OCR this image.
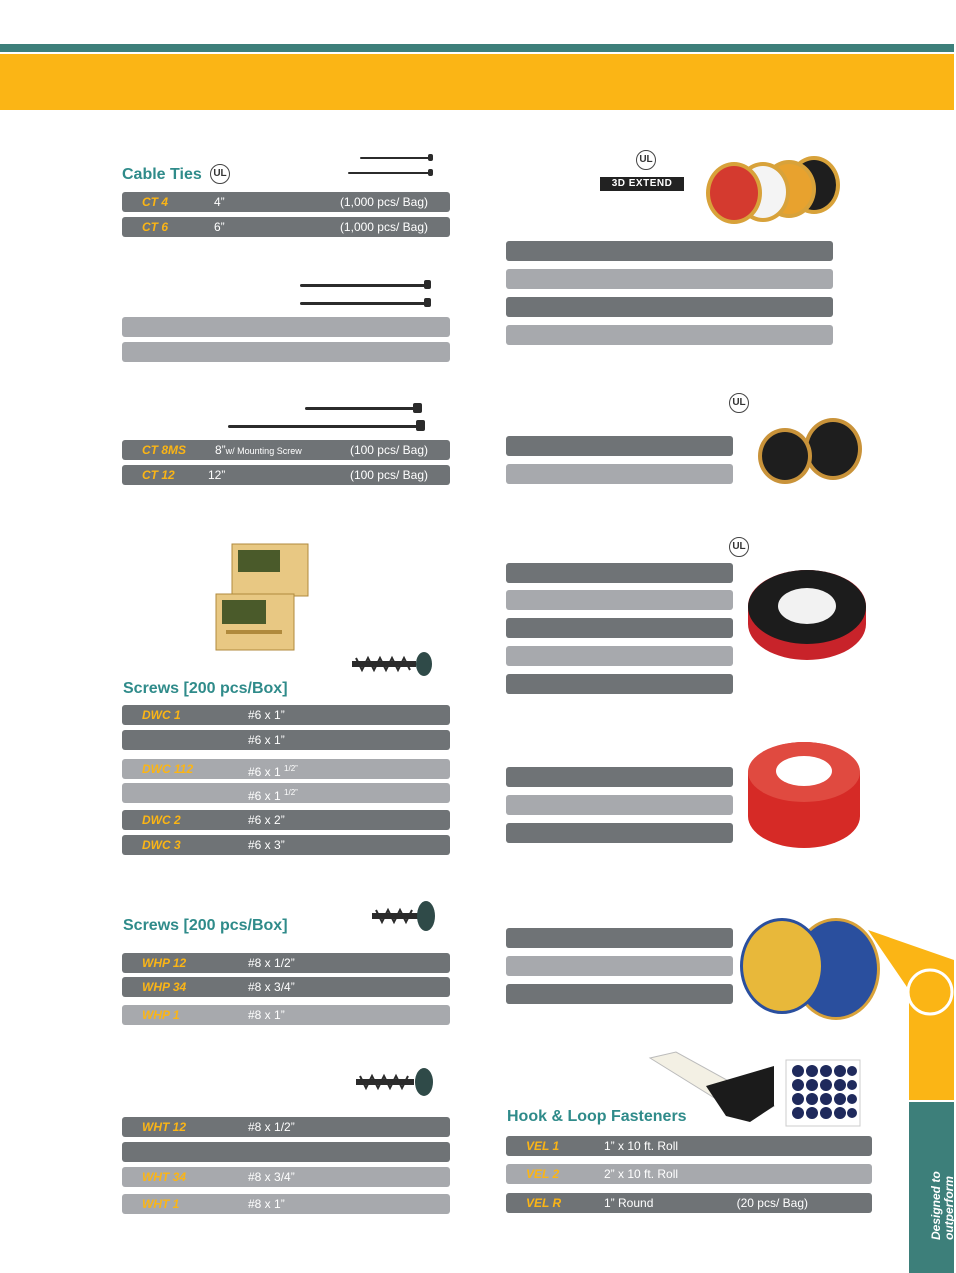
Cable Ties	UL
CT 4	4”	(1,000 pcs/ Bag)
CT 6	6”	(1,000 pcs/ Bag)
CT 8MS 8”w/ Mounting Screw	(100 pcs/ Bag)
CT 12	12”	(100 pcs/ Bag)
Screws [200 pcs/Box]
DWC 1	#6 x 1”
#6 x 1”
DWC 112	#6 x 1 $^{1/2”}$
#6 x 1 $^{1/2”}$
DWC 2	#6 x 2”
DWC 3	#6 x 3”
Screws [200 pcs/Box]
WHP 12	#8 x 1/2”
WHP 34	#8 x 3/4”
WHP 1	#8 x 1”
WHT 12	#8 x 1/2”
WHT 34	#8 x 3/4”
WHT 1	#8 x 1”
UL
3D EXTEND
UL
UL
Hook & Loop Fasteners
VEL 1	1” x 10 ft. Roll
VEL 2	2” x 10 ft. Roll
VEL R	1” Round	(20 pcs/ Bag)	Designed to outperform
